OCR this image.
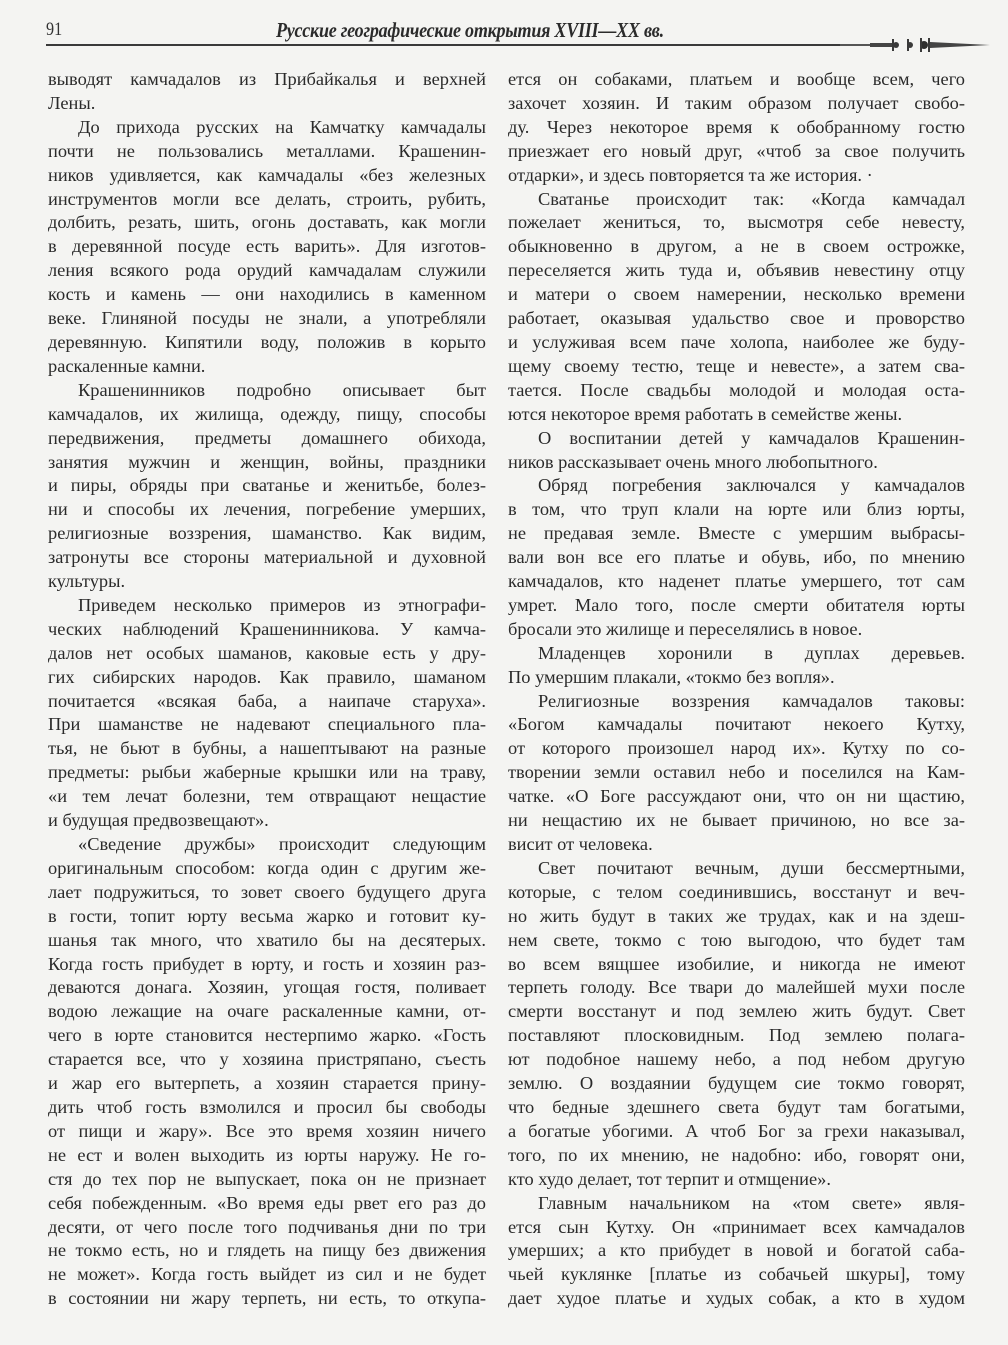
91	Русские географические открытия XVIII—XX вв.
выводят камчадалов из Прибайкалья и верхней
Лены.
До прихода русских на Камчатку камчадалы
почти не пользовались металлами. Крашенин-
ников удивляется, как камчадалы «без железных
инструментов могли все делать, строить, рубить,
долбить, резать, шить, огонь доставать, как могли
в деревянной посуде есть варить». Для изготов-
ления всякого рода орудий камчадалам служили
кость и камень — они находились в каменном
веке. Глиняной посуды не знали, а употребляли
деревянную. Кипятили воду, положив в корыто
раскаленные камни.
Крашенинников подробно описывает быт
камчадалов, их жилища, одежду, пищу, способы
передвижения, предметы домашнего обихода,
занятия мужчин и женщин, войны, праздники
и пиры, обряды при сватанье и женитьбе, болез-
ни и способы их лечения, погребение умерших,
религиозные воззрения, шаманство. Как видим,
затронуты все стороны материальной и духовной
культуры.
Приведем несколько примеров из этнографи-
ческих наблюдений Крашенинникова. У камча-
далов нет особых шаманов, каковые есть у дру-
гих сибирских народов. Как правило, шаманом
почитается «всякая баба, а наипаче старуха».
При шаманстве не надевают специального пла-
тья, не бьют в бубны, а нашептывают на разные
предметы: рыбьи жаберные крышки или на траву,
«и тем лечат болезни, тем отвращают нещастие
и будущая предвозвещают».
«Сведение дружбы» происходит следующим
оригинальным способом: когда один с другим же-
лает подружиться, то зовет своего будущего друга
в гости, топит юрту весьма жарко и готовит ку-
шанья так много, что хватило бы на десятерых.
Когда гость прибудет в юрту, и гость и хозяин раз-
деваются донага. Хозяин, угощая гостя, поливает
водою лежащие на очаге раскаленные камни, от-
чего в юрте становится нестерпимо жарко. «Гость
старается все, что у хозяина пристряпано, съесть
и жар его вытерпеть, а хозяин старается прину-
дить чтоб гость взмолился и просил бы свободы
от пищи и жару». Все это время хозяин ничего
не ест и волен выходить из юрты наружу. Не го-
стя до тех пор не выпускает, пока он не признает
себя побежденным. «Во время еды рвет его раз до
десяти, от чего после того подчиванья дни по три
не токмо есть, но и глядеть на пищу без движения
не может». Когда гость выйдет из сил и не будет
в состоянии ни жару терпеть, ни есть, то откупа-
ется он собаками, платьем и вообще всем, чего
захочет хозяин. И таким образом получает свобо-
ду. Через некоторое время к обобранному гостю
приезжает его новый друг, «чтоб за свое получить
отдарки», и здесь повторяется та же история. ·
Сватанье происходит так: «Когда камчадал
пожелает жениться, то, высмотря себе невесту,
обыкновенно в другом, а не в своем острожке,
переселяется жить туда и, объявив невестину отцу
и матери о своем намерении, несколько времени
работает, оказывая удальство свое и проворство
и услуживая всем паче холопа, наиболее же буду-
щему своему тестю, теще и невесте», а затем сва-
тается. После свадьбы молодой и молодая оста-
ются некоторое время работать в семействе жены.
О воспитании детей у камчадалов Крашенин-
ников рассказывает очень много любопытного.
Обряд погребения заключался у камчадалов
в том, что труп клали на юрте или близ юрты,
не предавая земле. Вместе с умершим выбрасы-
вали вон все его платье и обувь, ибо, по мнению
камчадалов, кто наденет платье умершего, тот сам
умрет. Мало того, после смерти обитателя юрты
бросали это жилище и переселялись в новое.
Младенцев хоронили в дуплах деревьев.
По умершим плакали, «токмо без вопля».
Религиозные воззрения камчадалов таковы:
«Богом камчадалы почитают некоего Кутху,
от которого произошел народ их». Кутху по со-
творении земли оставил небо и поселился на Кам-
чатке. «О Боге рассуждают они, что он ни щастию,
ни нещастию их не бывает причиною, но все за-
висит от человека.
Свет почитают вечным, души бессмертными,
которые, с телом соединившись, восстанут и веч-
но жить будут в таких же трудах, как и на здеш-
нем свете, токмо с тою выгодою, что будет там
во всем вящшее изобилие, и никогда не имеют
терпеть голоду. Все твари до малейшей мухи после
смерти восстанут и под землею жить будут. Свет
поставляют плосковидным. Под землею полага-
ют подобное нашему небо, а под небом другую
землю. О воздаянии будущем сие токмо говорят,
что бедные здешнего света будут там богатыми,
а богатые убогими. А чтоб Бог за грехи наказывал,
того, по их мнению, не надобно: ибо, говорят они,
кто худо делает, тот терпит и отмщение».
Главным начальником на «том свете» явля-
ется сын Кутху. Он «принимает всех камчадалов
умерших; а кто прибудет в новой и богатой саба-
чьей куклянке [платье из собачьей шкуры], тому
дает худое платье и худых собак, а кто в худом
